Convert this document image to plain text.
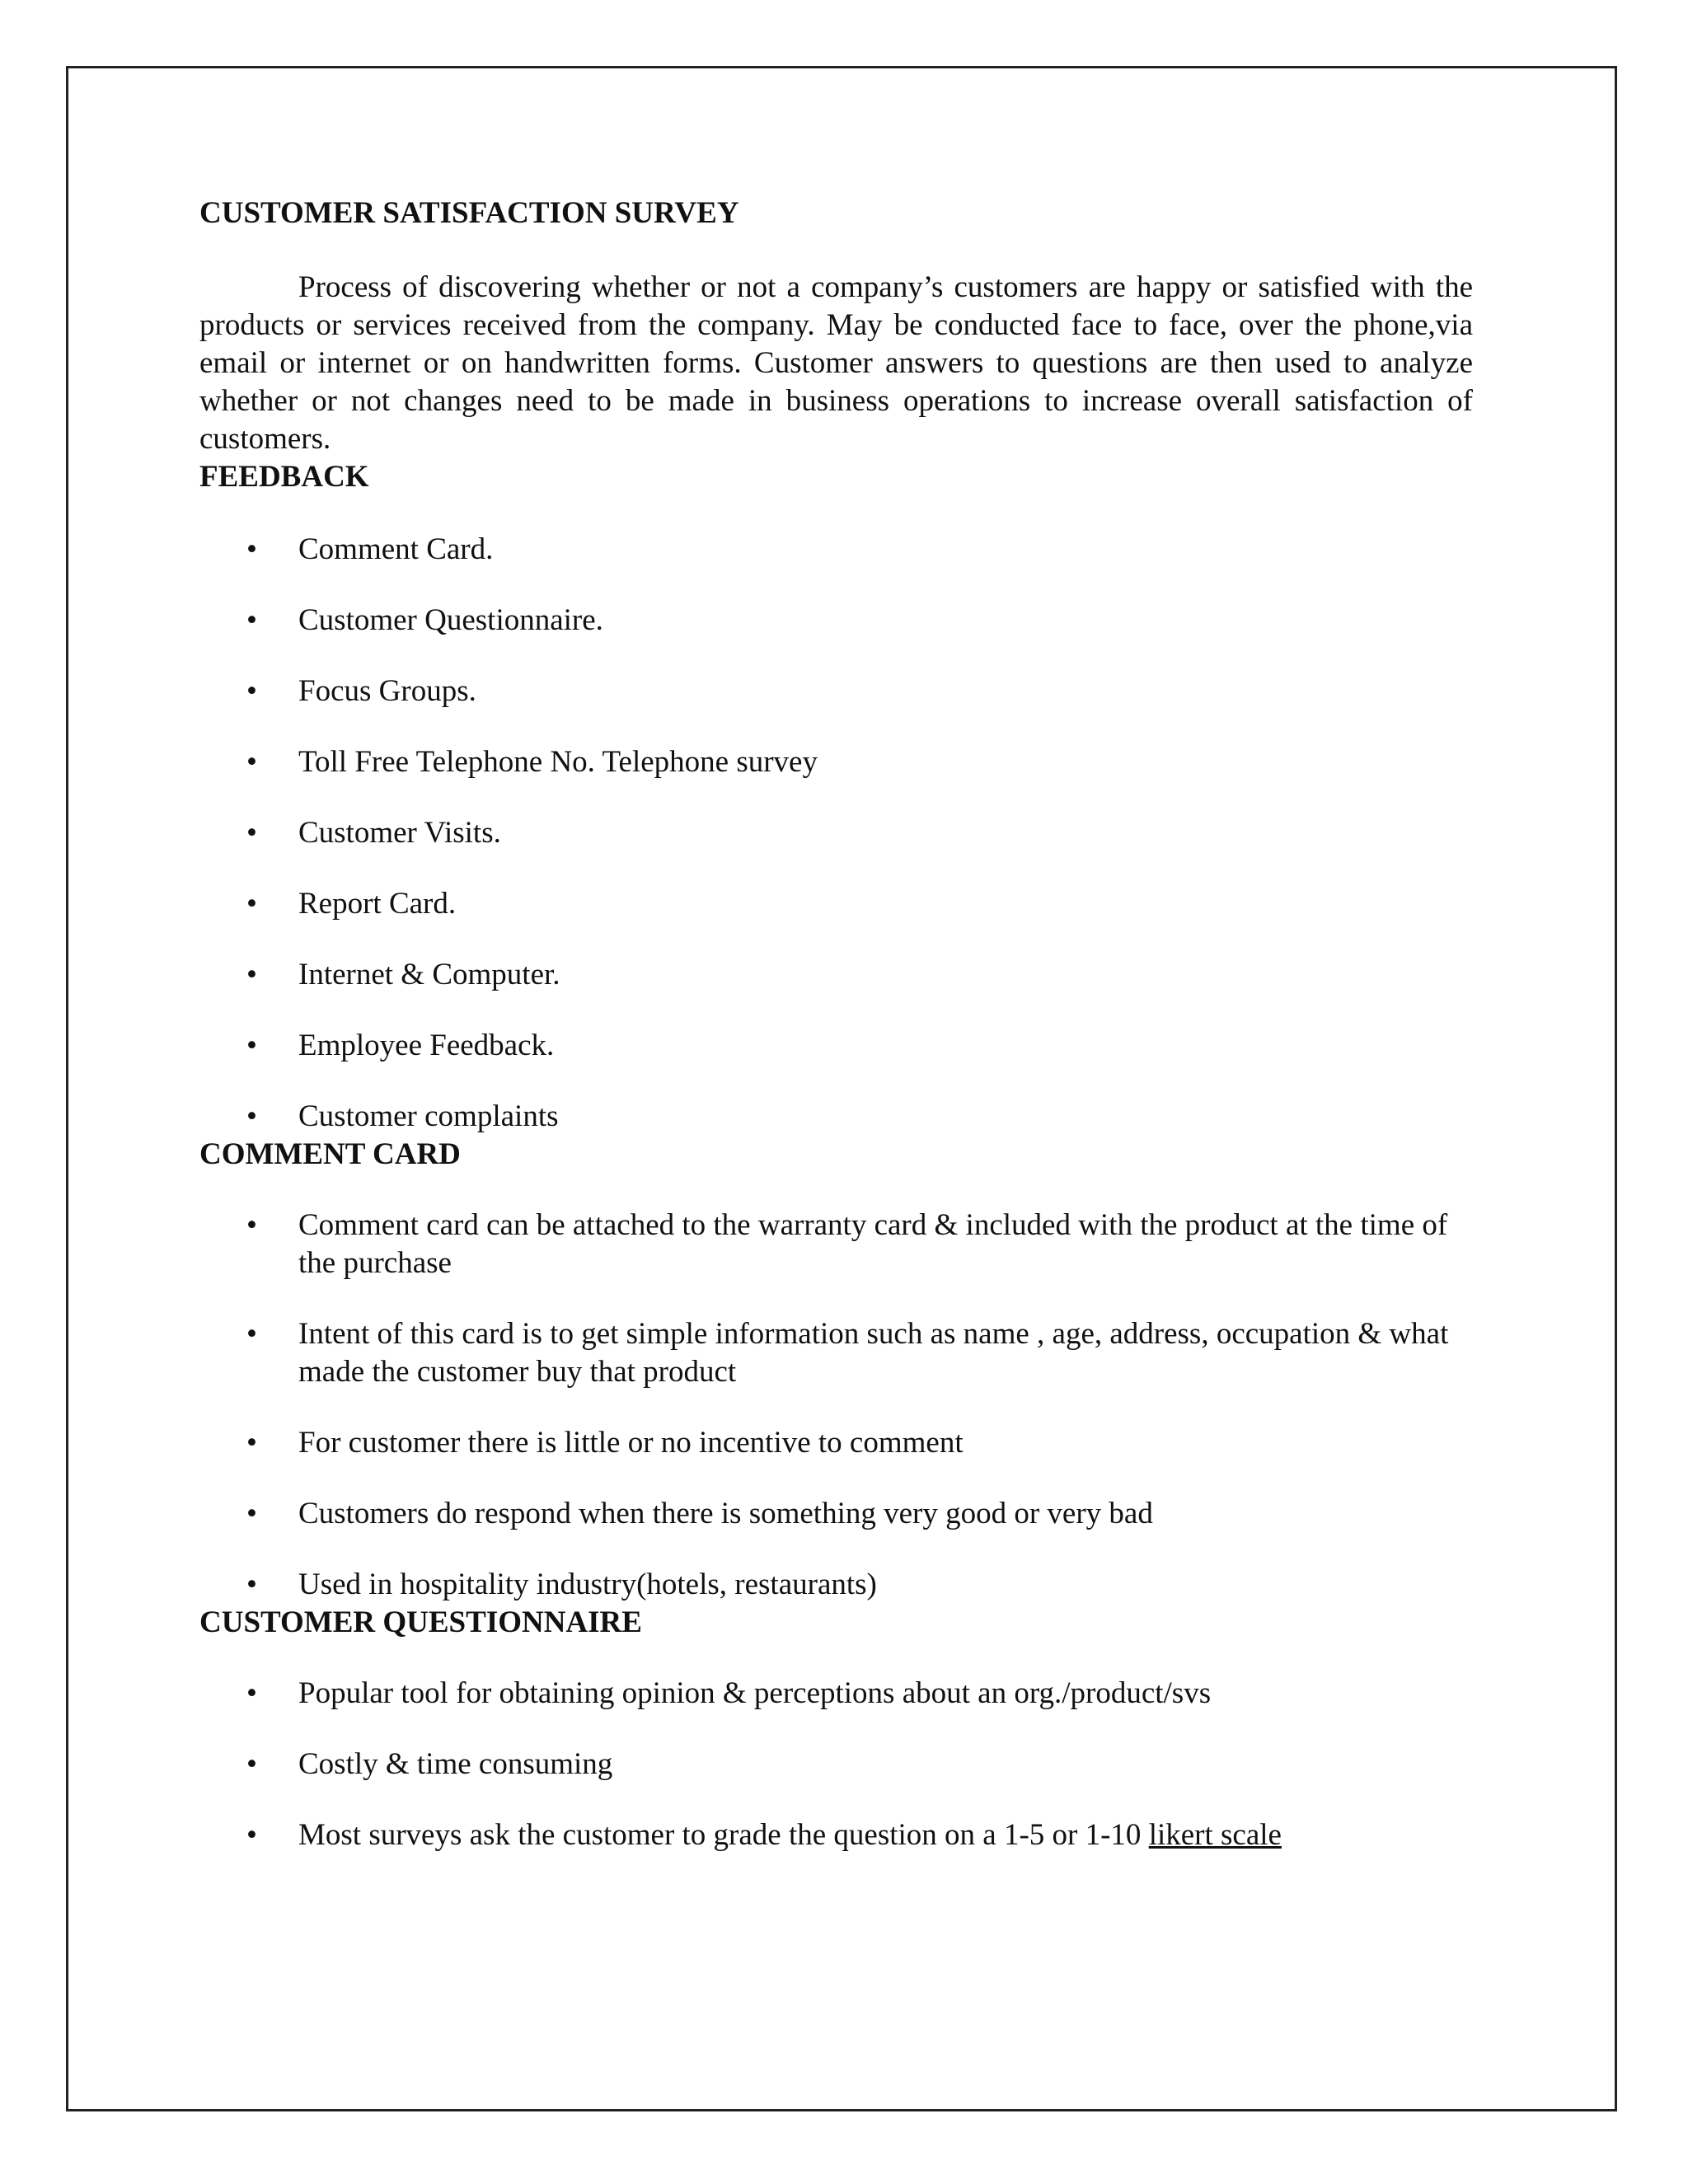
CUSTOMER SATISFACTION SURVEY

Process of discovering whether or not a company’s customers are happy or satisfied with the products or services received from the company. May be conducted face to face, over the phone,via email or internet or on handwritten forms. Customer answers to questions are then used to analyze whether or not changes need to be made in business operations to increase overall satisfaction of customers.

FEEDBACK
• Comment Card.
• Customer Questionnaire.
• Focus Groups.
• Toll Free Telephone No. Telephone survey
• Customer Visits.
• Report Card.
• Internet & Computer.
• Employee Feedback.
• Customer complaints
COMMENT CARD
• Comment card can be attached to the warranty card & included with the product at the time of the purchase
• Intent of this card is to get simple information such as name , age, address, occupation & what made the customer buy that product
• For customer there is little or no incentive to comment
• Customers do respond when there is something very good or very bad
• Used in hospitality industry(hotels, restaurants)
CUSTOMER QUESTIONNAIRE
• Popular tool for obtaining opinion & perceptions about an org./product/svs
• Costly & time consuming
• Most surveys ask the customer to grade the question on a 1-5 or 1-10 likert scale
